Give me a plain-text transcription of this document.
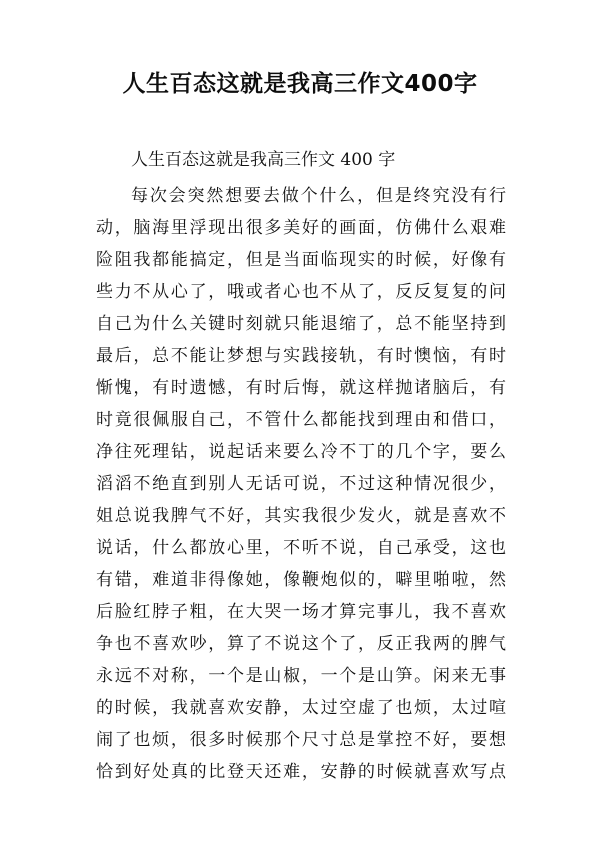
人生百态这就是我高三作文400字
人生百态这就是我高三作文 400 字
每次会突然想要去做个什么，但是终究没有行
动，脑海里浮现出很多美好的画面，仿佛什么艰难
险阻我都能搞定，但是当面临现实的时候，好像有
些力不从心了，哦或者心也不从了，反反复复的问
自己为什么关键时刻就只能退缩了，总不能坚持到
最后，总不能让梦想与实践接轨，有时懊恼，有时
惭愧，有时遗憾，有时后悔，就这样抛诸脑后，有
时竟很佩服自己，不管什么都能找到理由和借口，
净往死理钻，说起话来要么冷不丁的几个字，要么
滔滔不绝直到别人无话可说，不过这种情况很少，
姐总说我脾气不好，其实我很少发火，就是喜欢不
说话，什么都放心里，不听不说，自己承受，这也
有错，难道非得像她，像鞭炮似的，噼里啪啦，然
后脸红脖子粗，在大哭一场才算完事儿，我不喜欢
争也不喜欢吵，算了不说这个了，反正我两的脾气
永远不对称，一个是山椒，一个是山笋。闲来无事
的时候，我就喜欢安静，太过空虚了也烦，太过喧
闹了也烦，很多时候那个尺寸总是掌控不好，要想
恰到好处真的比登天还难，安静的时候就喜欢写点
